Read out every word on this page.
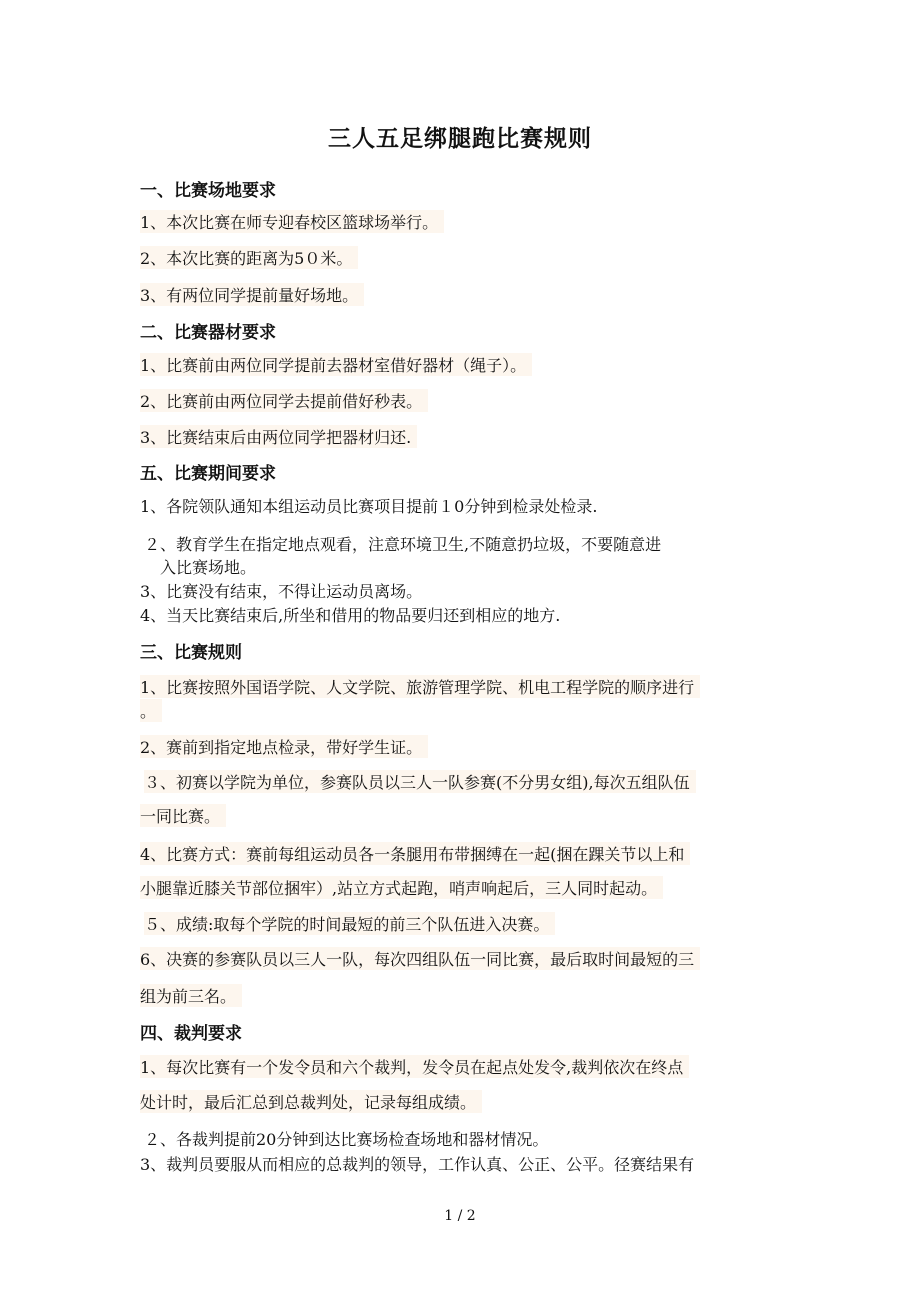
三人五足绑腿跑比赛规则
一、比赛场地要求
1、本次比赛在师专迎春校区篮球场举行。
2、本次比赛的距离为5０米。
3、有两位同学提前量好场地。
二、比赛器材要求
1、比赛前由两位同学提前去器材室借好器材（绳子）。
2、比赛前由两位同学去提前借好秒表。
3、比赛结束后由两位同学把器材归还.
五、比赛期间要求
1、各院领队通知本组运动员比赛项目提前１0分钟到检录处检录.
２、教育学生在指定地点观看，注意环境卫生,不随意扔垃圾，不要随意进
入比赛场地。
3、比赛没有结束，不得让运动员离场。
4、当天比赛结束后,所坐和借用的物品要归还到相应的地方.
三、比赛规则
1、比赛按照外国语学院、人文学院、旅游管理学院、机电工程学院的顺序进行
。
2、赛前到指定地点检录，带好学生证。
３、初赛以学院为单位，参赛队员以三人一队参赛(不分男女组),每次五组队伍
一同比赛。
4、比赛方式：赛前每组运动员各一条腿用布带捆缚在一起(捆在踝关节以上和
小腿靠近膝关节部位捆牢）,站立方式起跑，哨声响起后，三人同时起动。
５、成绩:取每个学院的时间最短的前三个队伍进入决赛。
6、决赛的参赛队员以三人一队，每次四组队伍一同比赛，最后取时间最短的三
组为前三名。
四、裁判要求
1、每次比赛有一个发令员和六个裁判，发令员在起点处发令,裁判依次在终点
处计时，最后汇总到总裁判处，记录每组成绩。
２、各裁判提前20分钟到达比赛场检查场地和器材情况。
3、裁判员要服从而相应的总裁判的领导，工作认真、公正、公平。径赛结果有
1 / 2
